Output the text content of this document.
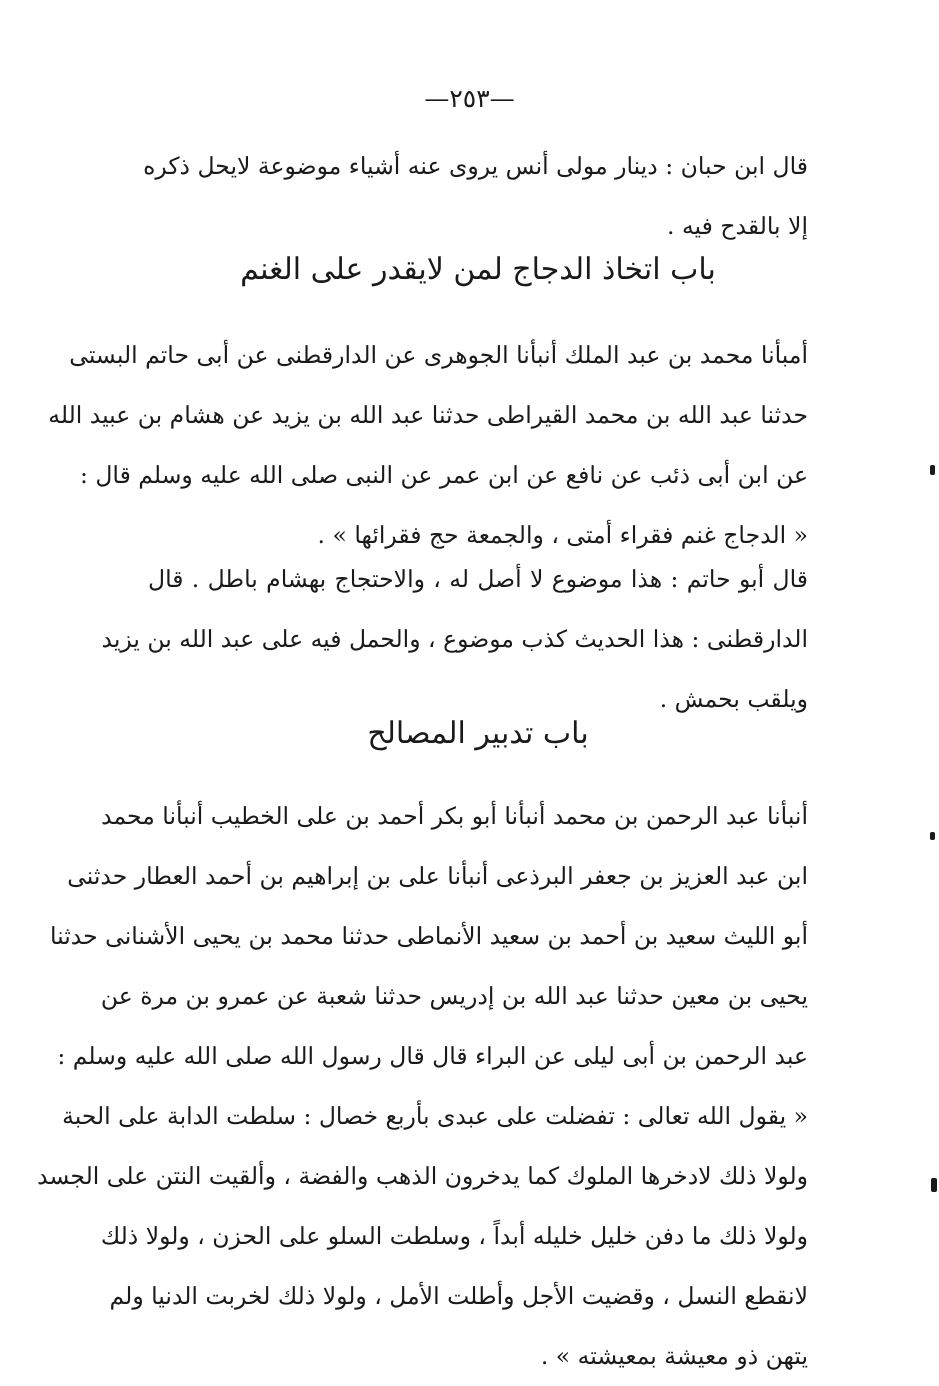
—٢٥٣—
قال ابن حبان : دينار مولى أنس يروى عنه أشياء موضوعة لايحل ذكره
إلا بالقدح فيه .
باب اتخاذ الدجاج لمن لايقدر على الغنم
أمبأنا محمد بن عبد الملك أنبأنا الجوهرى عن الدارقطنى عن أبى حاتم البستى
حدثنا عبد الله بن محمد القيراطى حدثنا عبد الله بن يزيد عن هشام بن عبيد الله
عن ابن أبى ذئب عن نافع عن ابن عمر عن النبى صلى الله عليه وسلم قال :
« الدجاج غنم فقراء أمتى ، والجمعة حج فقرائها » .
قال أبو حاتم : هذا موضوع لا أصل له ، والاحتجاج بهشام باطل . قال
الدارقطنى : هذا الحديث كذب موضوع ، والحمل فيه على عبد الله بن يزيد
ويلقب بحمش .
باب تدبير المصالح
أنبأنا عبد الرحمن بن محمد أنبأنا أبو بكر أحمد بن على الخطيب أنبأنا محمد
ابن عبد العزيز بن جعفر البرذعى أنبأنا على بن إبراهيم بن أحمد العطار حدثنى
أبو الليث سعيد بن أحمد بن سعيد الأنماطى حدثنا محمد بن يحيى الأشنانى حدثنا
يحيى بن معين حدثنا عبد الله بن إدريس حدثنا شعبة عن عمرو بن مرة عن
عبد الرحمن بن أبى ليلى عن البراء قال قال رسول الله صلى الله عليه وسلم :
« يقول الله تعالى : تفضلت على عبدى بأربع خصال : سلطت الدابة على الحبة
ولولا ذلك لادخرها الملوك كما يدخرون الذهب والفضة ، وألقيت النتن على الجسد
ولولا ذلك ما دفن خليل خليله أبداً ، وسلطت السلو على الحزن ، ولولا ذلك
لانقطع النسل ، وقضيت الأجل وأطلت الأمل ، ولولا ذلك لخربت الدنيا ولم
يتهن ذو معيشة بمعيشته » .
